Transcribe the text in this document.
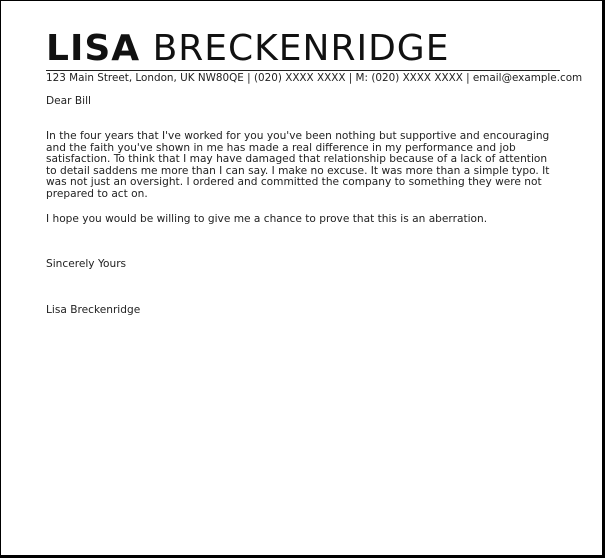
LISA BRECKENRIDGE
123 Main Street, London, UK NW80QE | (020) XXXX XXXX | M: (020) XXXX XXXX | email@example.com
Dear Bill
In the four years that I've worked for you you've been nothing but supportive and encouraging
and the faith you've shown in me has made a real difference in my performance and job
satisfaction. To think that I may have damaged that relationship because of a lack of attention
to detail saddens me more than I can say. I make no excuse. It was more than a simple typo. It
was not just an oversight. I ordered and committed the company to something they were not
prepared to act on.
I hope you would be willing to give me a chance to prove that this is an aberration.
Sincerely Yours
Lisa Breckenridge
